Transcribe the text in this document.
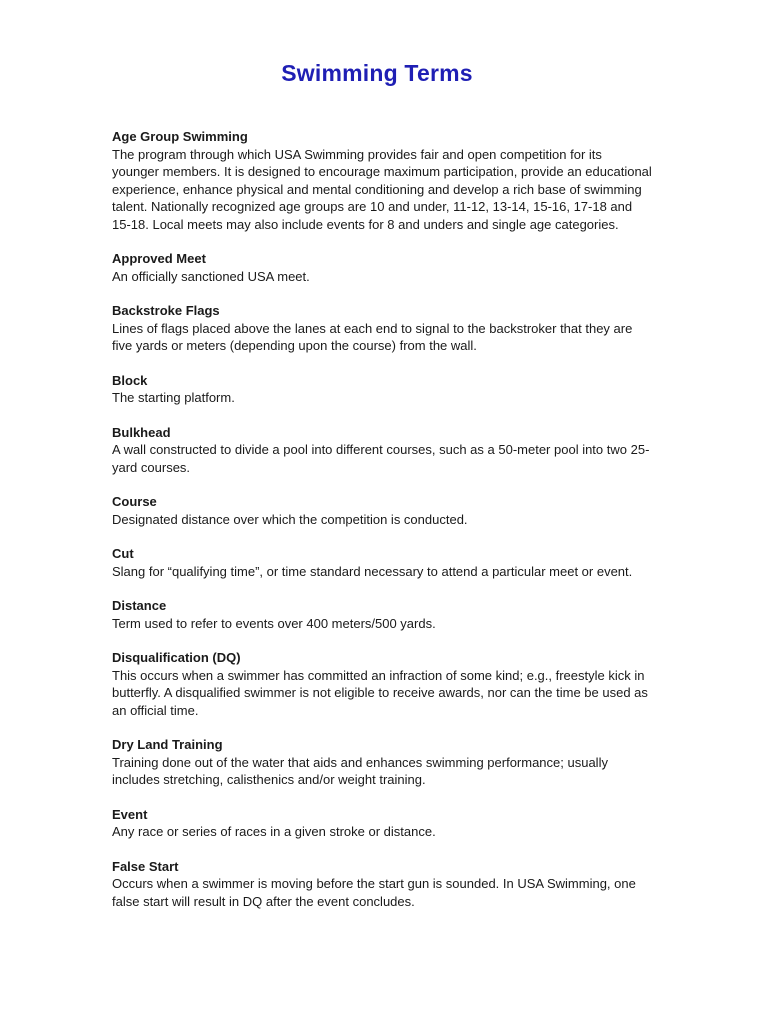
Swimming Terms
Age Group Swimming
The program through which USA Swimming provides fair and open competition for its younger members. It is designed to encourage maximum participation, provide an educational experience, enhance physical and mental conditioning and develop a rich base of swimming talent. Nationally recognized age groups are 10 and under, 11-12, 13-14, 15-16, 17-18 and 15-18. Local meets may also include events for 8 and unders and single age categories.
Approved Meet
An officially sanctioned USA meet.
Backstroke Flags
Lines of flags placed above the lanes at each end to signal to the backstroker that they are five yards or meters (depending upon the course) from the wall.
Block
The starting platform.
Bulkhead
A wall constructed to divide a pool into different courses, such as a 50-meter pool into two 25-yard courses.
Course
Designated distance over which the competition is conducted.
Cut
Slang for “qualifying time”, or time standard necessary to attend a particular meet or event.
Distance
Term used to refer to events over 400 meters/500 yards.
Disqualification (DQ)
This occurs when a swimmer has committed an infraction of some kind; e.g., freestyle kick in butterfly. A disqualified swimmer is not eligible to receive awards, nor can the time be used as an official time.
Dry Land Training
Training done out of the water that aids and enhances swimming performance; usually includes stretching, calisthenics and/or weight training.
Event
Any race or series of races in a given stroke or distance.
False Start
Occurs when a swimmer is moving before the start gun is sounded. In USA Swimming, one false start will result in DQ after the event concludes.
